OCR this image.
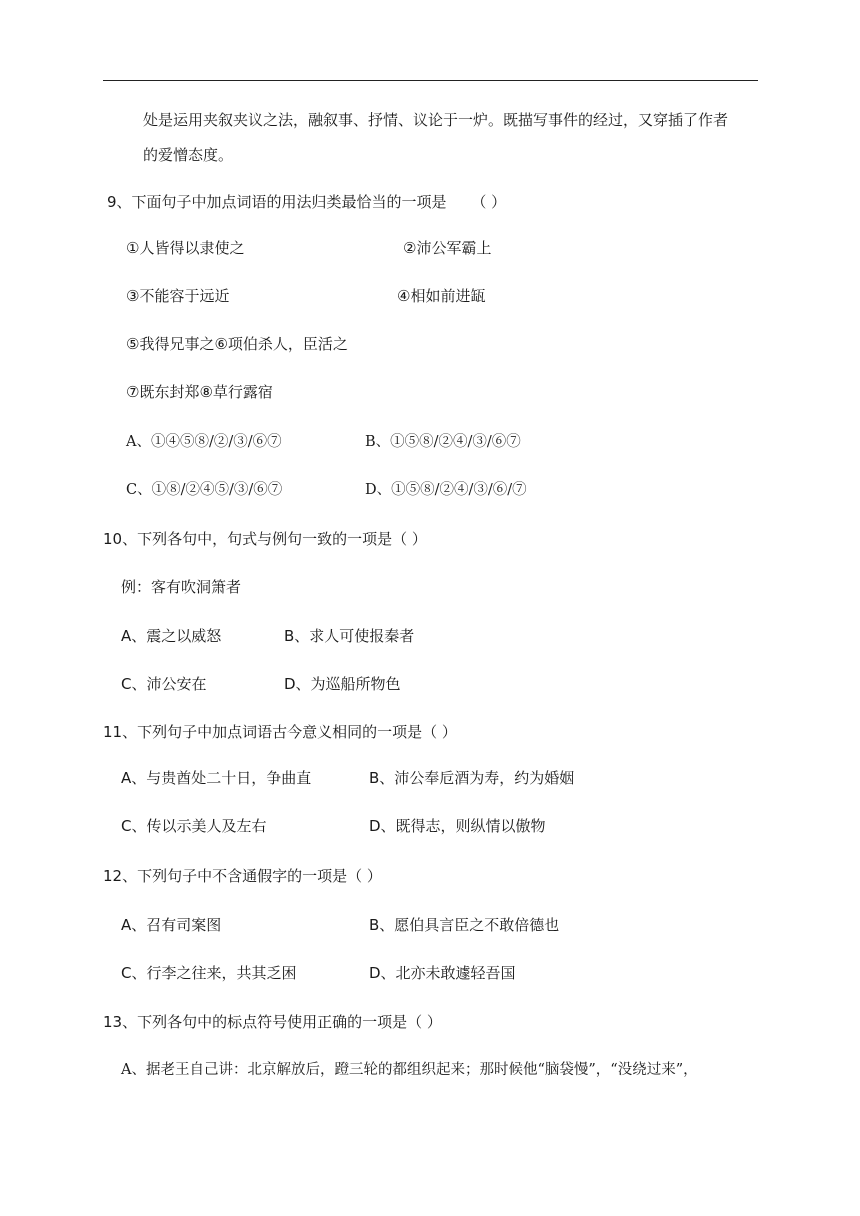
处是运用夹叙夹议之法，融叙事、抒情、议论于一炉。既描写事件的经过，又穿插了作者
的爱憎态度。
9、下面句子中加点词语的用法归类最恰当的一项是 （ ）
①人皆得以隶使之	②沛公军霸上
③不能容于远近	④相如前进缻
⑤我得兄事之⑥项伯杀人，臣活之
⑦既东封郑⑧草行露宿
A、①④⑤⑧/②/③/⑥⑦	B、①⑤⑧/②④/③/⑥⑦
C、①⑧/②④⑤/③/⑥⑦	D、①⑤⑧/②④/③/⑥/⑦
10、下列各句中，句式与例句一致的一项是（ ）
例：客有吹洞箫者
A、震之以威怒	B、求人可使报秦者
C、沛公安在	D、为巡船所物色
11、下列句子中加点词语古今意义相同的一项是（ ）
A、与贵酋处二十日，争曲直	B、沛公奉卮酒为寿，约为婚姻
C、传以示美人及左右	D、既得志，则纵情以傲物
12、下列句子中不含通假字的一项是（ ）
A、召有司案图	B、愿伯具言臣之不敢倍德也
C、行李之往来，共其乏困	D、北亦未敢遽轻吾国
13、下列各句中的标点符号使用正确的一项是（ ）
A、据老王自己讲：北京解放后，蹬三轮的都组织起来；那时候他“脑袋慢”，“没绕过来”，
